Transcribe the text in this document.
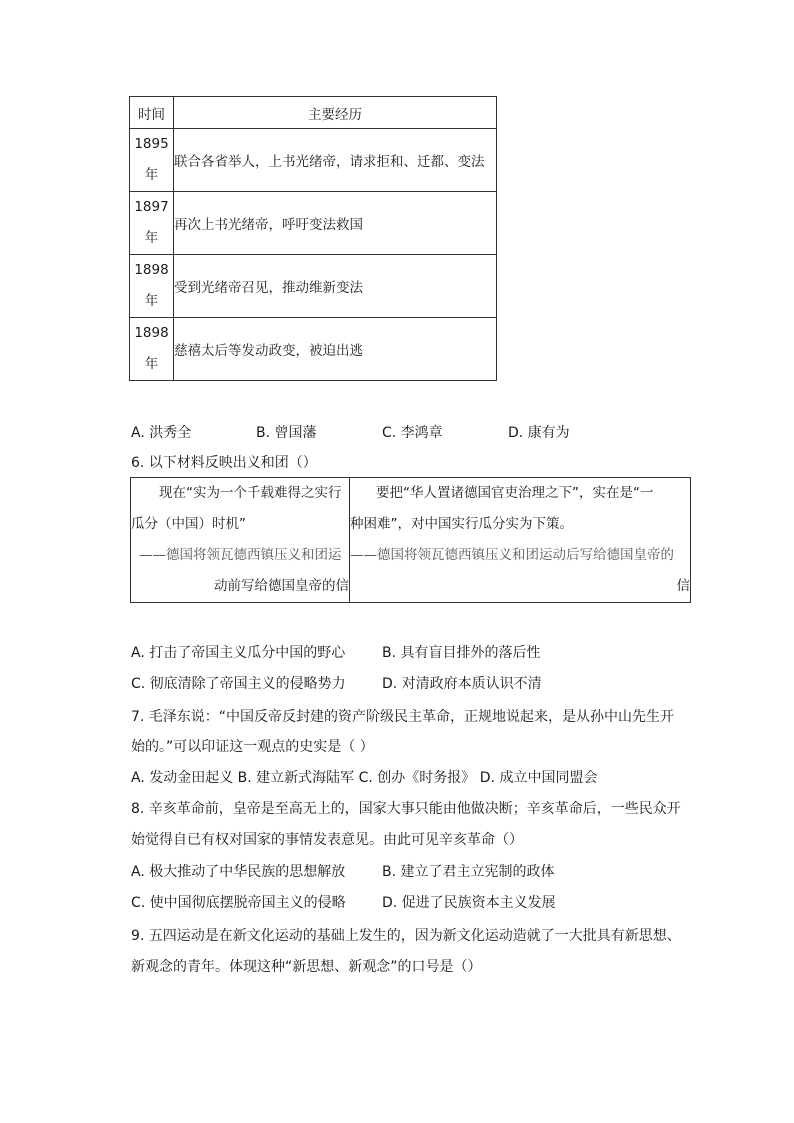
时间	主要经历
1895
年	联合各省举人，上书光绪帝，请求拒和、迁都、变法
1897
年	再次上书光绪帝，呼吁变法救国
1898
年	受到光绪帝召见，推动维新变法
1898
年	慈禧太后等发动政变，被迫出逃
A. 洪秀全	B. 曾国藩	C. 李鸿章	D. 康有为
6. 以下材料反映出义和团（）
现在“实为一个千载难得之实行
瓜分（中国）时机”
——德国将领瓦德西镇压义和团运
动前写给德国皇帝的信

要把“华人置诸德国官吏治理之下”，实在是“一
种困难”，对中国实行瓜分实为下策。
——德国将领瓦德西镇压义和团运动后写给德国皇帝的
信
A. 打击了帝国主义瓜分中国的野心	B. 具有盲目排外的落后性
C. 彻底清除了帝国主义的侵略势力	D. 对清政府本质认识不清
7. 毛泽东说：“中国反帝反封建的资产阶级民主革命，正规地说起来，是从孙中山先生开
始的。”可以印证这一观点的史实是（ ）
A. 发动金田起义 B. 建立新式海陆军 C. 创办《时务报》 D. 成立中国同盟会
8. 辛亥革命前，皇帝是至高无上的，国家大事只能由他做决断；辛亥革命后，一些民众开
始觉得自已有权对国家的事情发表意见。由此可见辛亥革命（）
A. 极大推动了中华民族的思想解放	B. 建立了君主立宪制的政体
C. 使中国彻底摆脱帝国主义的侵略	D. 促进了民族资本主义发展
9. 五四运动是在新文化运动的基础上发生的，因为新文化运动造就了一大批具有新思想、
新观念的青年。体现这种“新思想、新观念”的口号是（）
